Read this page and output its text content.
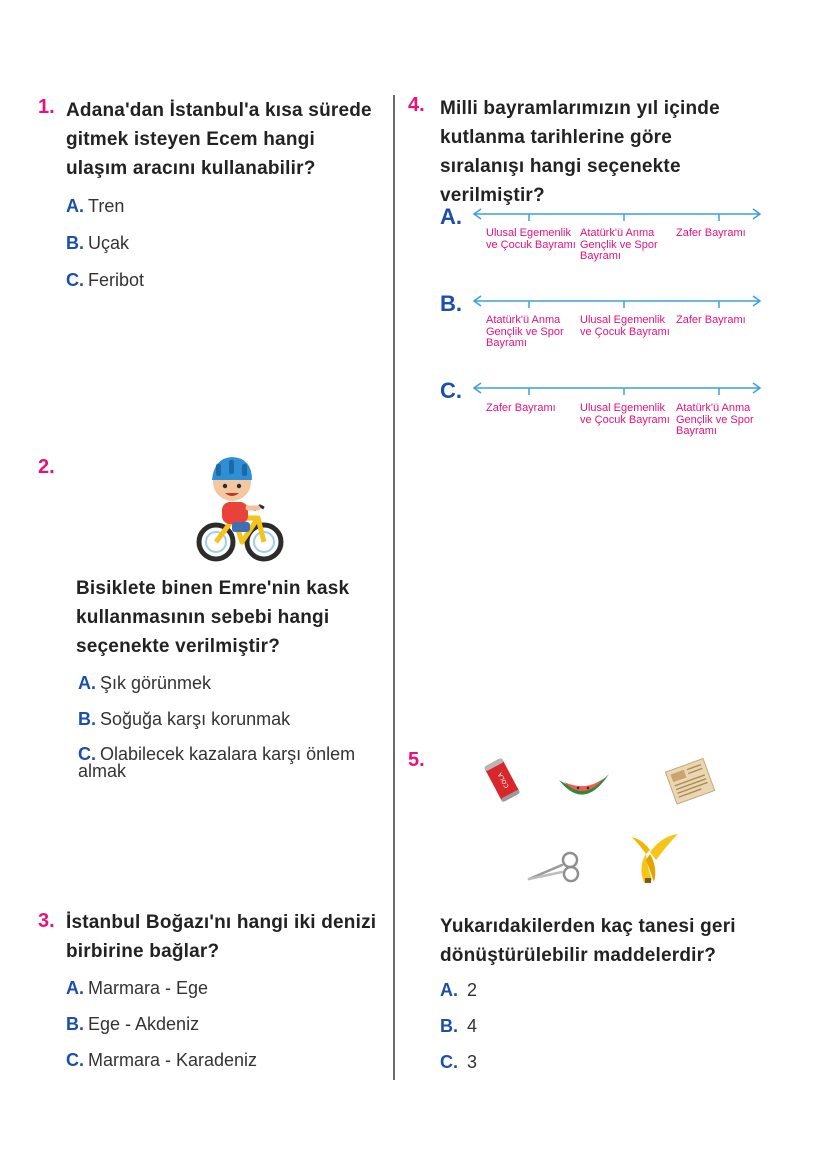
1. Adana'dan İstanbul'a kısa sürede gitmek isteyen Ecem hangi ulaşım aracını kullanabilir?
A. Tren
B. Uçak
C. Feribot
2.
Bisiklete binen Emre'nin kask kullanmasının sebebi hangi seçenekte verilmiştir?
A. Şık görünmek
B. Soğuğa karşı korunmak
C. Olabilecek kazalara karşı önlem almak
3. İstanbul Boğazı'nı hangi iki denizi birbirine bağlar?
A. Marmara - Ege
B. Ege - Akdeniz
C. Marmara - Karadeniz
4. Milli bayramlarımızın yıl içinde kutlanma tarihlerine göre sıralanışı hangi seçenekte verilmiştir?
A.
Ulusal Egemenlik ve Çocuk Bayramı
Atatürk'ü Anma Gençlik ve Spor Bayramı
Zafer Bayramı
B.
Atatürk'ü Anma Gençlik ve Spor Bayramı
Ulusal Egemenlik ve Çocuk Bayramı
Zafer Bayramı
C.
Zafer Bayramı	Ulusal Egemenlik ve Çocuk Bayramı
Atatürk'ü Anma Gençlik ve Spor Bayramı
5.
COLA
Yukarıdakilerden kaç tanesi geri dönüştürülebilir maddelerdir?
A. 2
B. 4
C. 3
